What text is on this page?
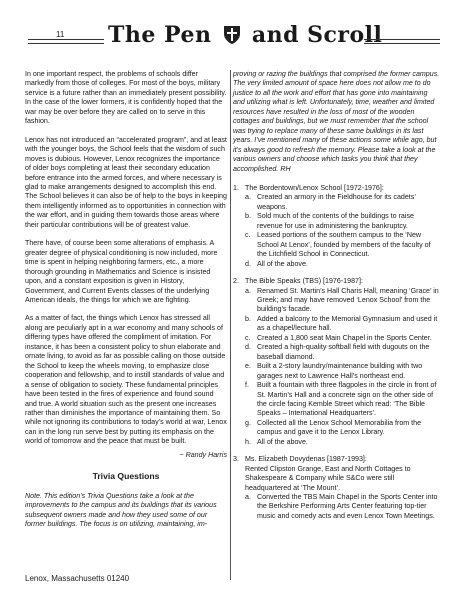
11 The Pen and Scroll

In one important respect, the problems of schools differ markedly from those of colleges. For most of the boys, military service is a future rather than an immediately present possibility. In the case of the lower formers, it is confidently hoped that the war may be over before they are called on to serve in this fashion.

Lenox has not introduced an “accelerated program”, and at least with the younger boys, the School feels that the wisdom of such moves is dubious. However, Lenox recognizes the importance of older boys completing at least their secondary education before entrance into the armed forces, and where necessary is glad to make arrangements designed to accomplish this end. The School believes it can also be of help to the boys in keeping them intelligently informed as to opportunities in connection with the war effort, and in guiding them towards those areas where their particular contributions will be of greatest value.

There have, of course been some alterations of emphasis. A greater degree of physical conditioning is now included, more time is spent in helping neighboring farmers, etc., a more thorough grounding in Mathematics and Science is insisted upon, and a constant exposition is given in History, Government, and Current Events classes of the underlying American ideals, the things for which we are fighting.

As a matter of fact, the things which Lenox has stressed all along are peculiarly apt in a war economy and many schools of differing types have offered the compliment of imitation. For instance, it has been a consistent policy to shun elaborate and ornate living, to avoid as far as possible calling on those outside the School to keep the wheels moving, to emphasize close cooperation and fellowship, and to instill standards of value and a sense of obligation to society. These fundamental principles have been tested in the fires of experience and found sound and true. A world situation such as the present one increases rather than diminishes the importance of maintaining them. So while not ignoring its contributions to today’s world at war, Lenox can in the long run serve best by putting its emphasis on the world of tomorrow and the peace that must be built.

~ Randy Harris
Trivia Questions

Note. This edition’s Trivia Questions take a look at the improvements to the campus and its buildings that its various subsequent owners made and how they used some of our former buildings. The focus is on utilizing, maintaining, im-

proving or razing the buildings that comprised the former campus. The very limited amount of space here does not allow me to do justice to all the work and effort that has gone into maintaining and utilizing what is left. Unfortunately, time, weather and limited resources have resulted in the loss of most of the wooden cottages and buildings, but we must remember that the school was trying to replace many of these same buildings in its last years. I’ve mentioned many of these actions some while ago, but it’s always good to refresh the memory. Please take a look at the various owners and choose which tasks you think that they accomplished. RH

1. The Bordentown/Lenox School [1972-1976]:
a. Created an armory in the Fieldhouse for its cadets’ weapons.
b. Sold much of the contents of the buildings to raise revenue for use in administering the bankruptcy.
c. Leased portions of the southern campus to the ‘New School At Lenox’, founded by members of the faculty of the Litchfield School in Connecticut.
d. All of the above.
2. The Bible Speaks (TBS) [1976-1987]:
a. Renamed St. Martin’s Hall Charis Hall, meaning ‘Grace’ in Greek; and may have removed ‘Lenox School’ from the building’s facade.
b. Added a balcony to the Memorial Gymnasium and used it as a chapel/lecture hall.
c. Created a 1,800 seat Main Chapel in the Sports Center.
d. Created a high-quality softball field with dugouts on the baseball diamond.
e. Built a 2-story laundry/maintenance building with two garages next to Lawrence Hall’s northeast end.
f. Built a fountain with three flagpoles in the circle in front of St. Martin’s Hall and a concrete sign on the other side of the circle facing Kemble Street which read: ‘The Bible Speaks – International Headquarters’.
g. Collected all the Lenox School Memorabilia from the campus and gave it to the Lenox Library.
h. All of the above.
3. Ms. Elizabeth Dovydenas [1987-1993]:
Rented Clipston Grange, East and North Cottages to Shakespeare & Company while S&Co were still headquartered at ‘The Mount’.
a. Converted the TBS Main Chapel in the Sports Center into the Berkshire Performing Arts Center featuring top-tier music and comedy acts and even Lenox Town Meetings.
Lenox, Massachusetts 01240
